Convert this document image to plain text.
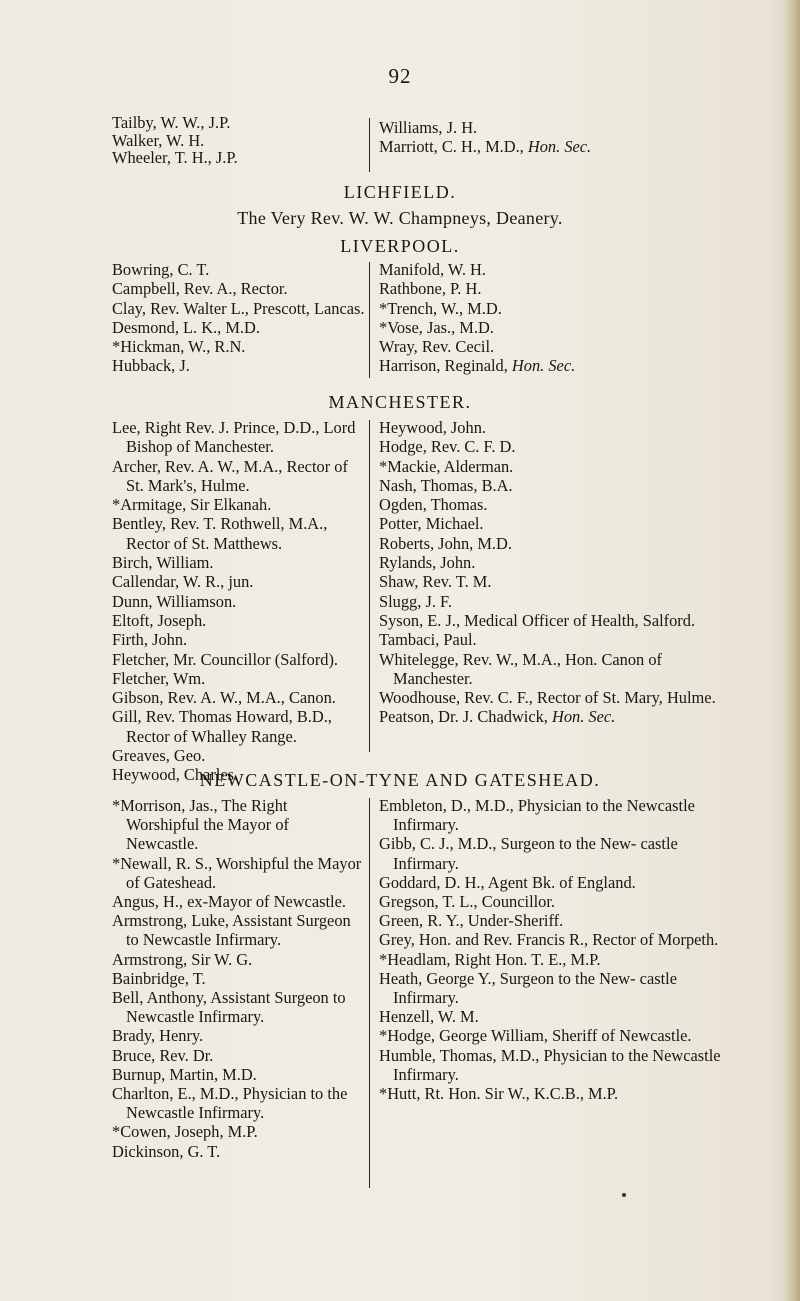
92
Tailby, W. W., J.P.
Walker, W. H.
Wheeler, T. H., J.P.
Williams, J. H.
Marriott, C. H., M.D., Hon. Sec.
LICHFIELD.
The Very Rev. W. W. Champneys, Deanery.
LIVERPOOL.
Bowring, C. T.
Campbell, Rev. A., Rector.
Clay, Rev. Walter L., Prescott, Lancas.
Desmond, L. K., M.D.
*Hickman, W., R.N.
Hubback, J.
Manifold, W. H.
Rathbone, P. H.
*Trench, W., M.D.
*Vose, Jas., M.D.
Wray, Rev. Cecil.
Harrison, Reginald, Hon. Sec.
MANCHESTER.
Lee, Right Rev. J. Prince, D.D., Lord Bishop of Manchester.
Archer, Rev. A. W., M.A., Rector of St. Mark's, Hulme.
*Armitage, Sir Elkanah.
Bentley, Rev. T. Rothwell, M.A., Rector of St. Matthews.
Birch, William.
Callendar, W. R., jun.
Dunn, Williamson.
Eltoft, Joseph.
Firth, John.
Fletcher, Mr. Councillor (Salford).
Fletcher, Wm.
Gibson, Rev. A. W., M.A., Canon.
Gill, Rev. Thomas Howard, B.D., Rector of Whalley Range.
Greaves, Geo.
Heywood, Charles.
Heywood, John.
Hodge, Rev. C. F. D.
*Mackie, Alderman.
Nash, Thomas, B.A.
Ogden, Thomas.
Potter, Michael.
Roberts, John, M.D.
Rylands, John.
Shaw, Rev. T. M.
Slugg, J. F.
Syson, E. J., Medical Officer of Health, Salford.
Tambaci, Paul.
Whitelegge, Rev. W., M.A., Hon. Canon of Manchester.
Woodhouse, Rev. C. F., Rector of St. Mary, Hulme.
Peatson, Dr. J. Chadwick, Hon. Sec.
NEWCASTLE-ON-TYNE AND GATESHEAD.
*Morrison, Jas., The Right Worshipful the Mayor of Newcastle.
*Newall, R. S., Worshipful the Mayor of Gateshead.
Angus, H., ex-Mayor of Newcastle.
Armstrong, Luke, Assistant Surgeon to Newcastle Infirmary.
Armstrong, Sir W. G.
Bainbridge, T.
Bell, Anthony, Assistant Surgeon to Newcastle Infirmary.
Brady, Henry.
Bruce, Rev. Dr.
Burnup, Martin, M.D.
Charlton, E., M.D., Physician to the Newcastle Infirmary.
*Cowen, Joseph, M.P.
Dickinson, G. T.
Embleton, D., M.D., Physician to the Newcastle Infirmary.
Gibb, C. J., M.D., Surgeon to the New- castle Infirmary.
Goddard, D. H., Agent Bk. of England.
Gregson, T. L., Councillor.
Green, R. Y., Under-Sheriff.
Grey, Hon. and Rev. Francis R., Rector of Morpeth.
*Headlam, Right Hon. T. E., M.P.
Heath, George Y., Surgeon to the New- castle Infirmary.
Henzell, W. M.
*Hodge, George William, Sheriff of Newcastle.
Humble, Thomas, M.D., Physician to the Newcastle Infirmary.
*Hutt, Rt. Hon. Sir W., K.C.B., M.P.
